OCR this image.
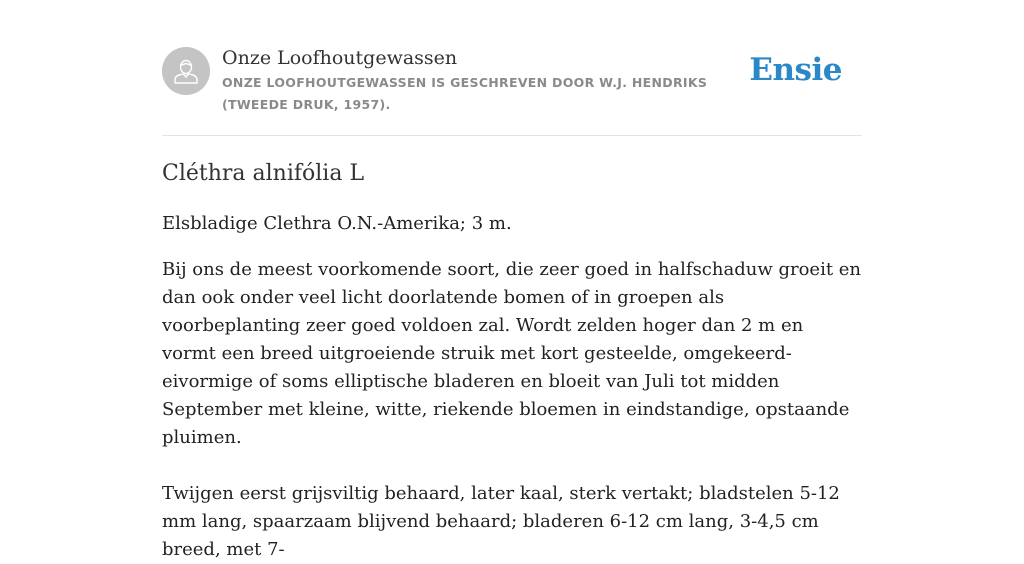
Onze Loofhoutgewassen

ONZE LOOFHOUTGEWASSEN IS GESCHREVEN DOOR W.J. HENDRIKS (TWEEDE DRUK, 1957).

Ensie
Cléthra alnifólia L

Elsbladige Clethra O.N.-Amerika; 3 m.

Bij ons de meest voorkomende soort, die zeer goed in halfschaduw groeit en dan ook onder veel licht doorlatende bomen of in groepen als voorbeplanting zeer goed voldoen zal. Wordt zelden hoger dan 2 m en vormt een breed uitgroeiende struik met kort gesteelde, omgekeerd-eivormige of soms elliptische bladeren en bloeit van Juli tot midden September met kleine, witte, riekende bloemen in eindstandige, opstaande pluimen.

Twijgen eerst grijsviltig behaard, later kaal, sterk vertakt; bladstelen 5-12 mm lang, spaarzaam blijvend behaard; bladeren 6-12 cm lang, 3-4,5 cm breed, met 7-
